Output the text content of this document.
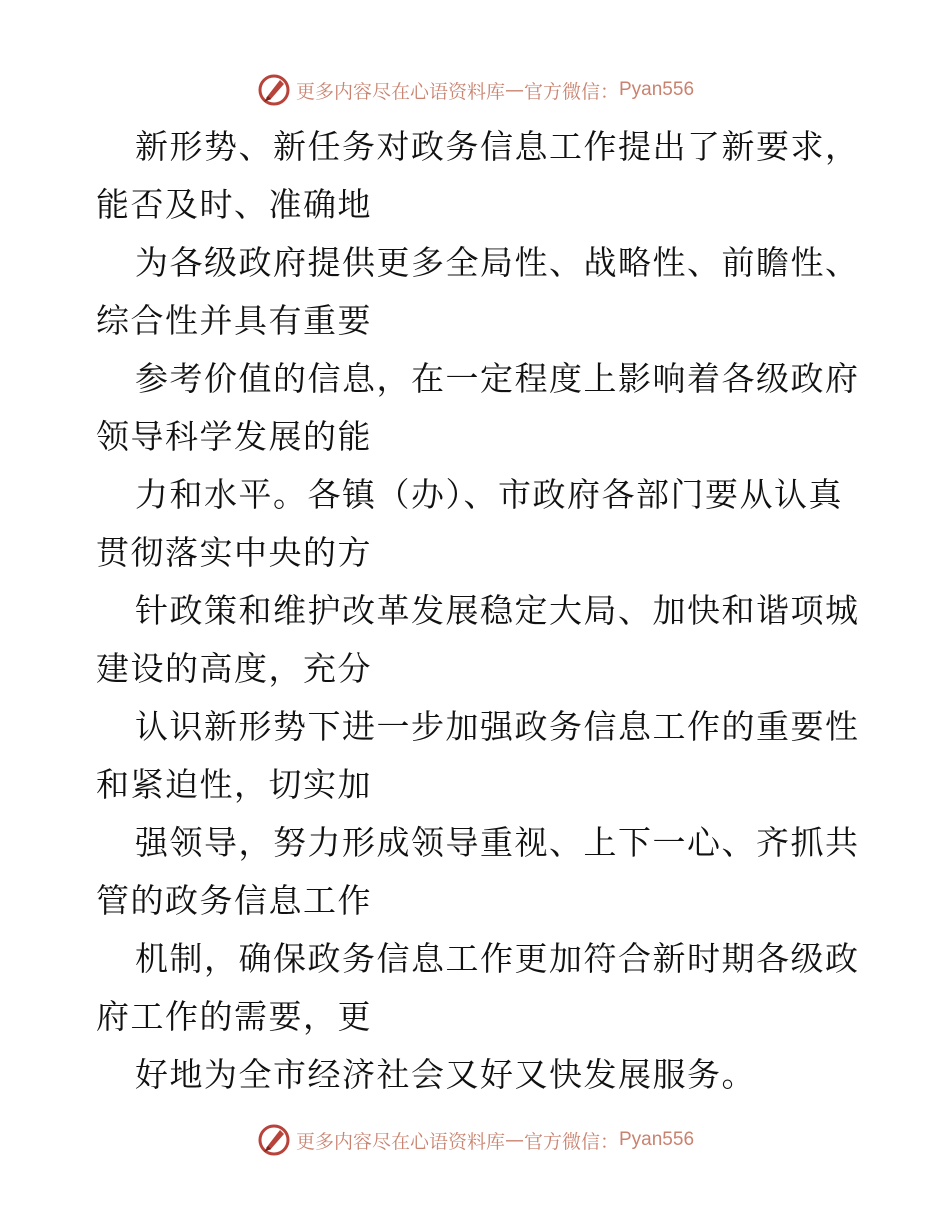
更多内容尽在心语资料库 — 官方微信： Pyan556
新形势、新任务对政务信息工作提出了新要求，
能否及时、准确地
为各级政府提供更多全局性、战略性、前瞻性、
综合性并具有重要
参考价值的信息，在一定程度上影响着各级政府
领导科学发展的能
力和水平。各镇（办）、市政府各部门要从认真
贯彻落实中央的方
针政策和维护改革发展稳定大局、加快和谐项城
建设的高度，充分
认识新形势下进一步加强政务信息工作的重要性
和紧迫性，切实加
强领导，努力形成领导重视、上下一心、齐抓共
管的政务信息工作
机制，确保政务信息工作更加符合新时期各级政
府工作的需要，更
好地为全市经济社会又好又快发展服务。
更多内容尽在心语资料库 — 官方微信： Pyan556
